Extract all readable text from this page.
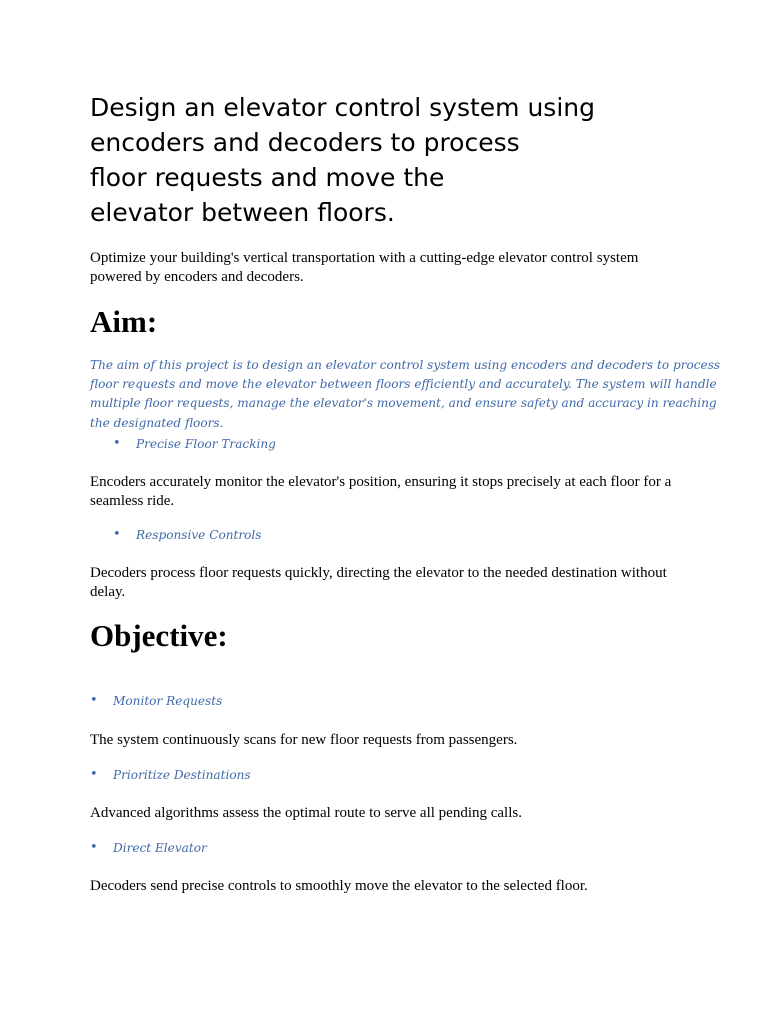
Design an elevator control system using
encoders and decoders to process
floor requests and move the
elevator between floors.

Optimize your building's vertical transportation with a cutting-edge elevator control system
powered by encoders and decoders.

Aim:

The aim of this project is to design an elevator control system using encoders and decoders to process
floor requests and move the elevator between floors efficiently and accurately. The system will handle
multiple floor requests, manage the elevator's movement, and ensure safety and accuracy in reaching
the designated floors.

• Precise Floor Tracking

Encoders accurately monitor the elevator's position, ensuring it stops precisely at each floor for a
seamless ride.

• Responsive Controls

Decoders process floor requests quickly, directing the elevator to the needed destination without
delay.

Objective:

• Monitor Requests

The system continuously scans for new floor requests from passengers.

• Prioritize Destinations

Advanced algorithms assess the optimal route to serve all pending calls.

• Direct Elevator

Decoders send precise controls to smoothly move the elevator to the selected floor.
